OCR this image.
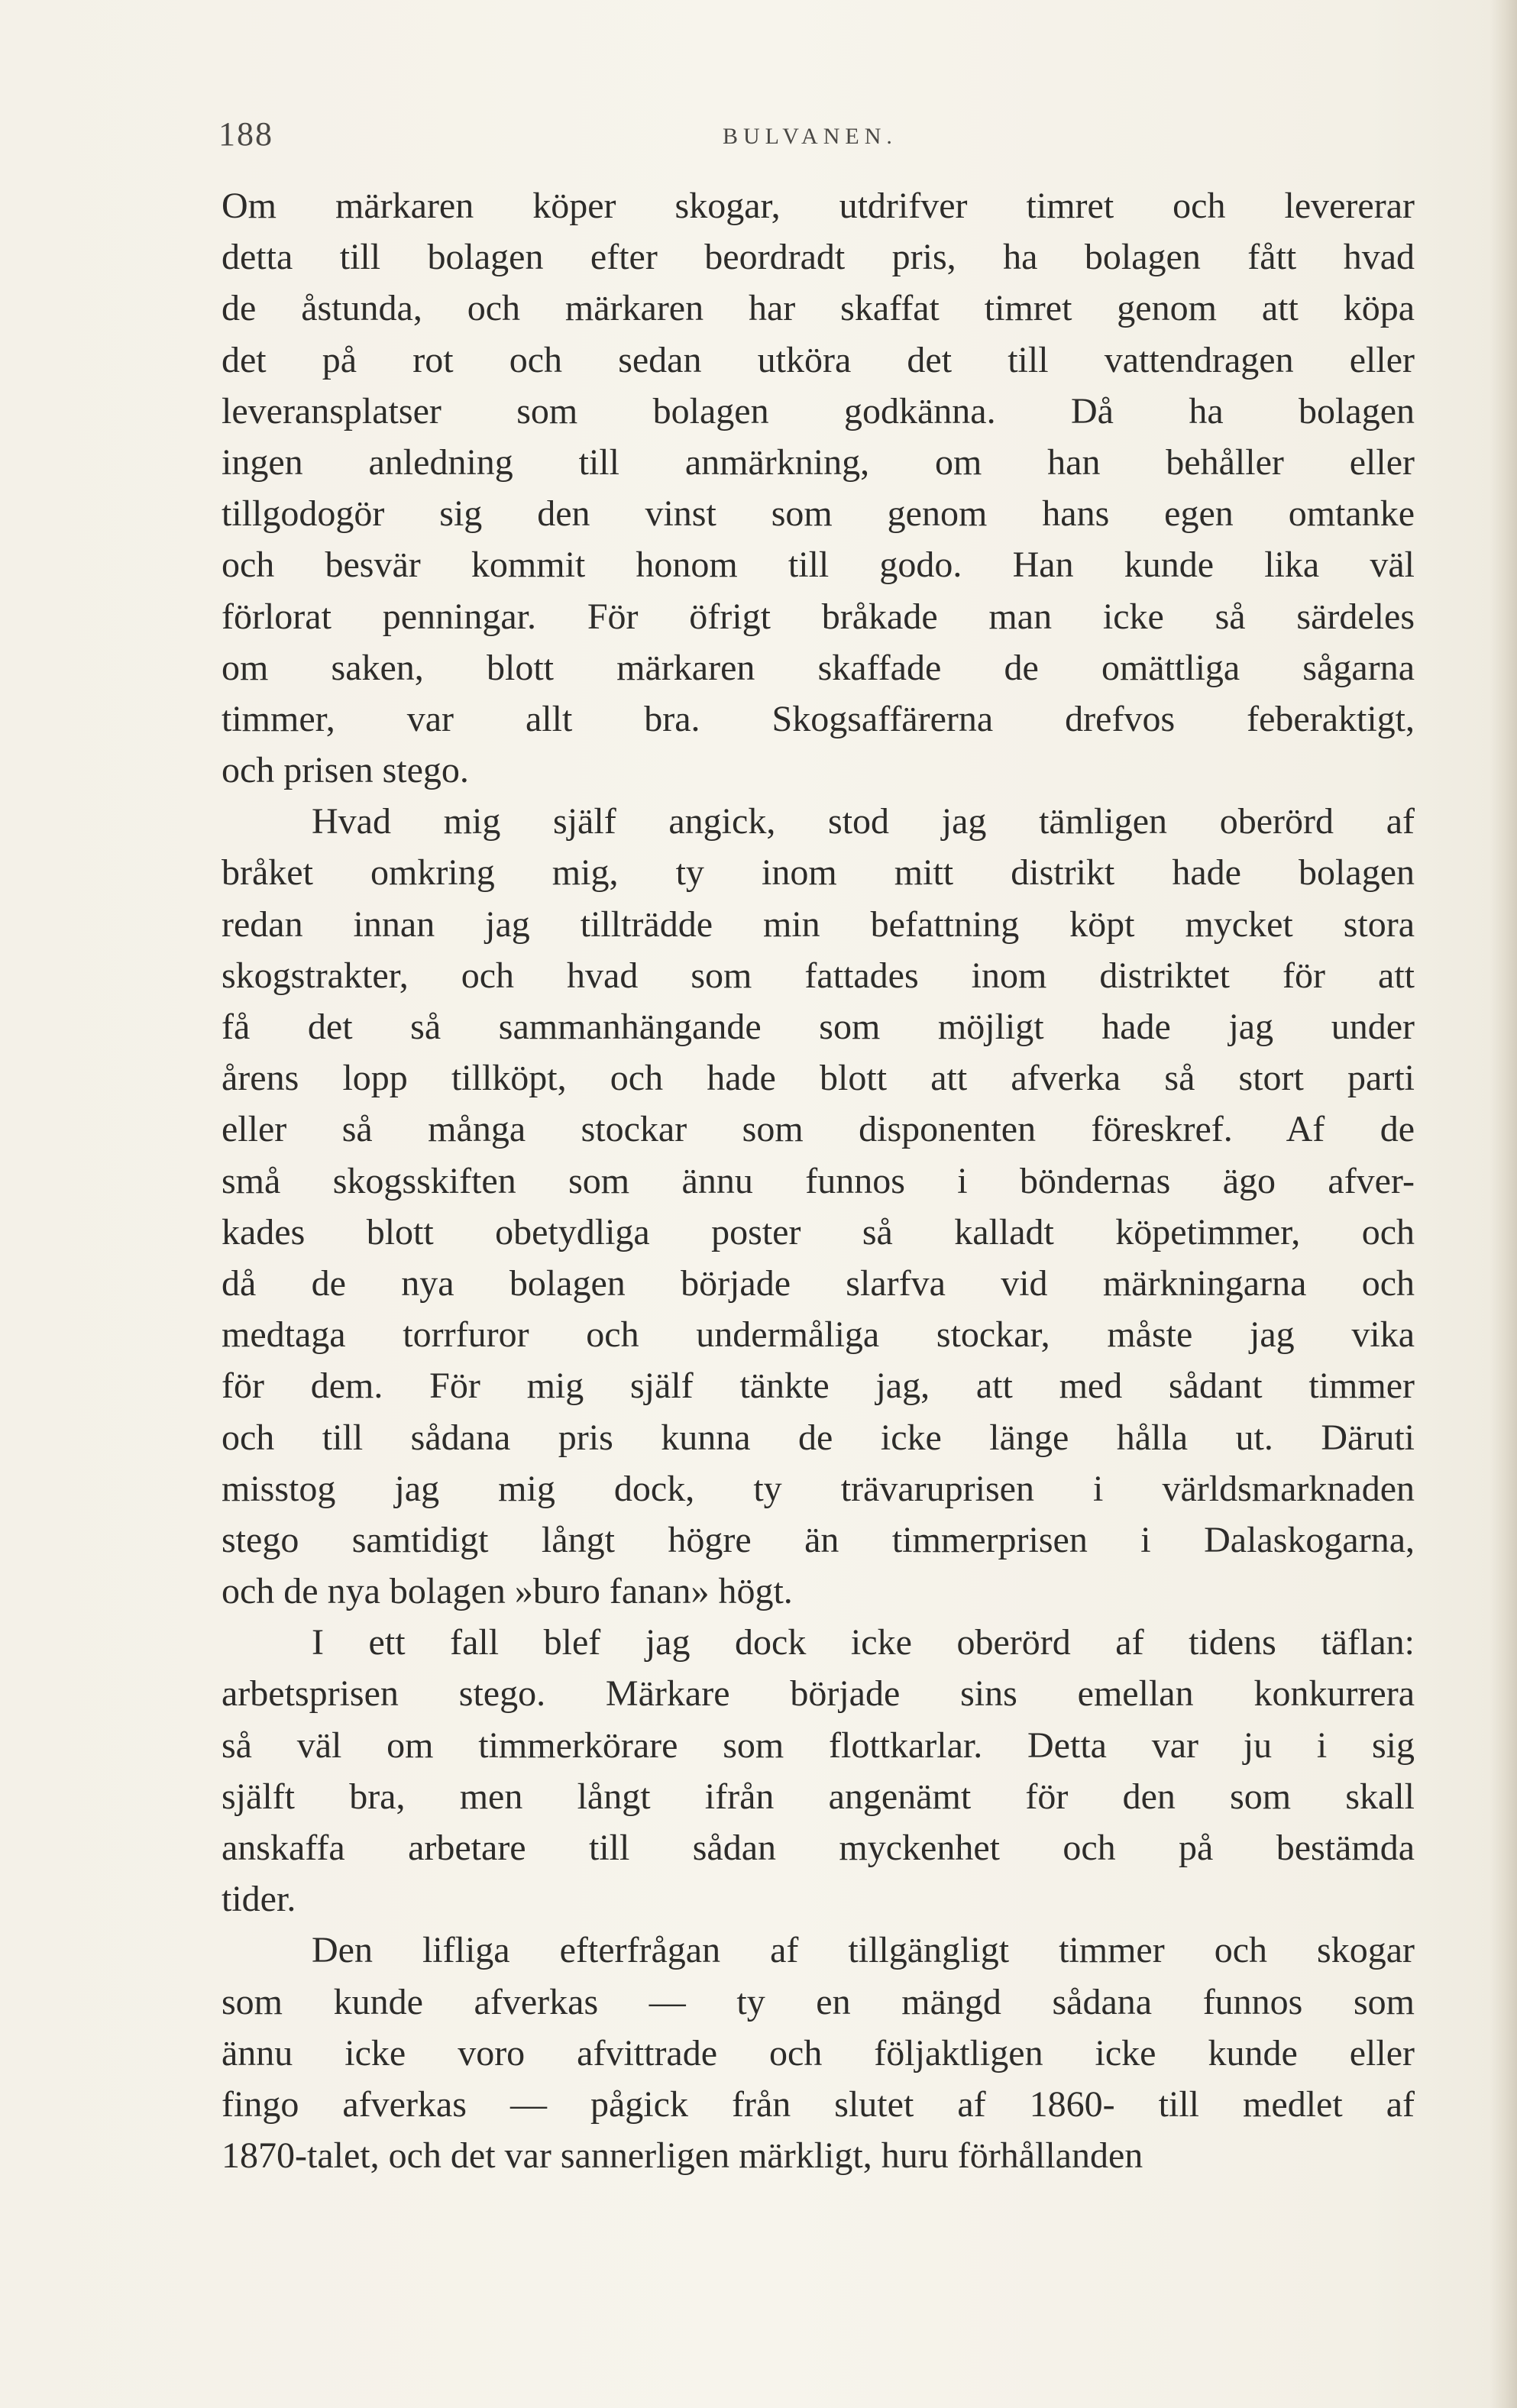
188	BULVANEN.
Om märkaren köper skogar, utdrifver timret och levererar
detta till bolagen efter beordradt pris, ha bolagen fått hvad
de åstunda, och märkaren har skaffat timret genom att köpa
det på rot och sedan utköra det till vattendragen eller
leveransplatser som bolagen godkänna. Då ha bolagen
ingen anledning till anmärkning, om han behåller eller
tillgodogör sig den vinst som genom hans egen omtanke
och besvär kommit honom till godo. Han kunde lika väl
förlorat penningar. För öfrigt bråkade man icke så särdeles
om saken, blott märkaren skaffade de omättliga sågarna
timmer, var allt bra. Skogsaffärerna drefvos feberaktigt,
och prisen stego.
Hvad mig själf angick, stod jag tämligen oberörd af
bråket omkring mig, ty inom mitt distrikt hade bolagen
redan innan jag tillträdde min befattning köpt mycket stora
skogstrakter, och hvad som fattades inom distriktet för att
få det så sammanhängande som möjligt hade jag under
årens lopp tillköpt, och hade blott att afverka så stort parti
eller så många stockar som disponenten föreskref. Af de
små skogsskiften som ännu funnos i böndernas ägo afver-
kades blott obetydliga poster så kalladt köpetimmer, och
då de nya bolagen började slarfva vid märkningarna och
medtaga torrfuror och undermåliga stockar, måste jag vika
för dem. För mig själf tänkte jag, att med sådant timmer
och till sådana pris kunna de icke länge hålla ut. Däruti
misstog jag mig dock, ty trävaruprisen i världsmarknaden
stego samtidigt långt högre än timmerprisen i Dalaskogarna,
och de nya bolagen »buro fanan» högt.
I ett fall blef jag dock icke oberörd af tidens täflan:
arbetsprisen stego. Märkare började sins emellan konkurrera
så väl om timmerkörare som flottkarlar. Detta var ju i sig
själft bra, men långt ifrån angenämt för den som skall
anskaffa arbetare till sådan myckenhet och på bestämda
tider.
Den lifliga efterfrågan af tillgängligt timmer och skogar
som kunde afverkas — ty en mängd sådana funnos som
ännu icke voro afvittrade och följaktligen icke kunde eller
fingo afverkas — pågick från slutet af 1860- till medlet af
1870-talet, och det var sannerligen märkligt, huru förhållanden
